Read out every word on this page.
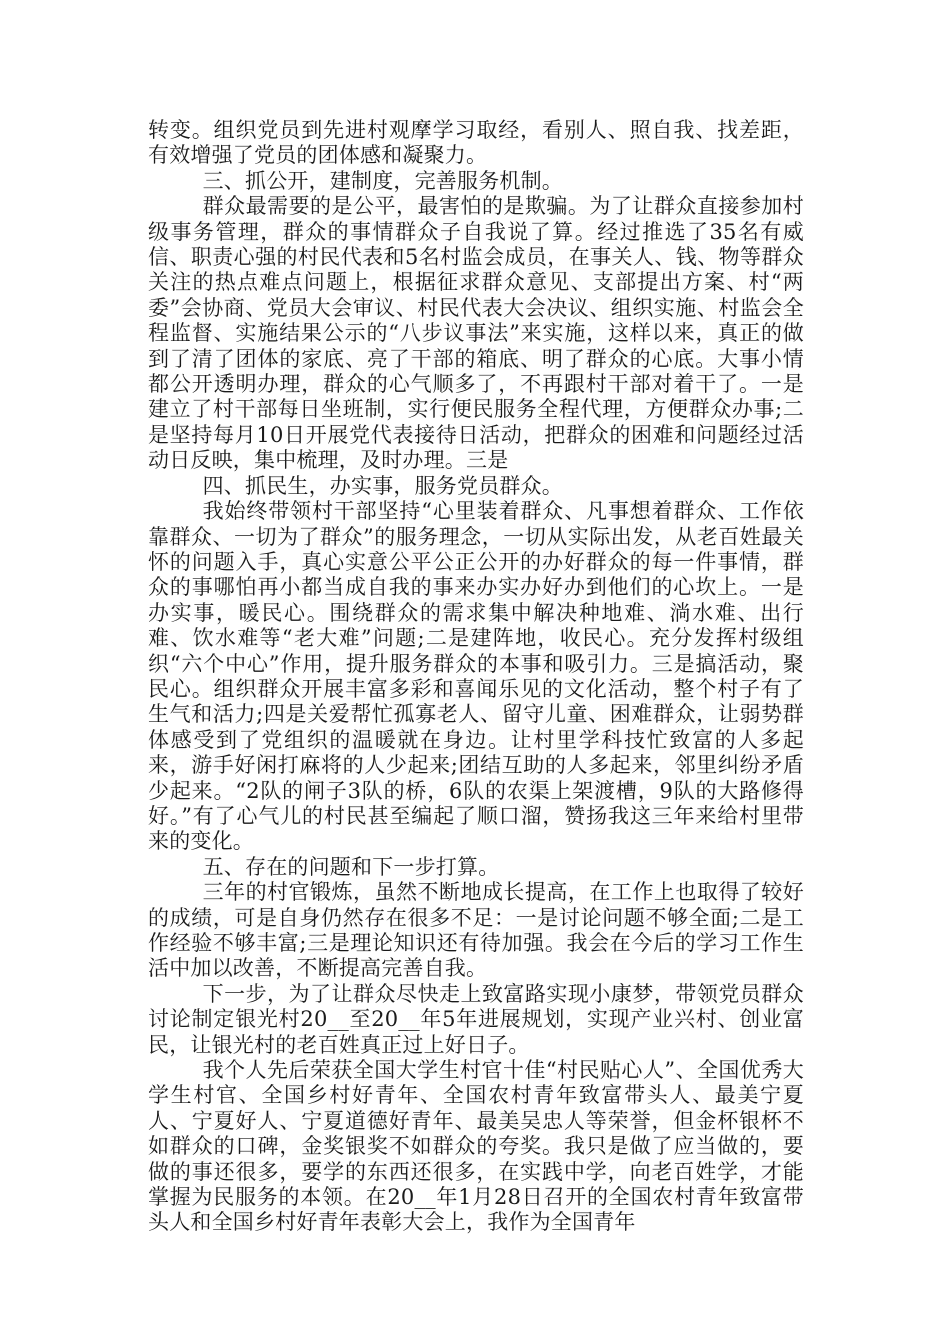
转变。组织党员到先进村观摩学习取经，看别人、照自我、找差距，有效增强了党员的团体感和凝聚力。

三、抓公开，建制度，完善服务机制。

群众最需要的是公平，最害怕的是欺骗。为了让群众直接参加村级事务管理，群众的事情群众子自我说了算。经过推选了35名有威信、职责心强的村民代表和5名村监会成员，在事关人、钱、物等群众关注的热点难点问题上，根据征求群众意见、支部提出方案、村“两委”会协商、党员大会审议、村民代表大会决议、组织实施、村监会全程监督、实施结果公示的“八步议事法”来实施，这样以来，真正的做到了清了团体的家底、亮了干部的箱底、明了群众的心底。大事小情都公开透明办理，群众的心气顺多了，不再跟村干部对着干了。一是建立了村干部每日坐班制，实行便民服务全程代理，方便群众办事;二是坚持每月10日开展党代表接待日活动，把群众的困难和问题经过活动日反映，集中梳理，及时办理。三是

四、抓民生，办实事，服务党员群众。

我始终带领村干部坚持“心里装着群众、凡事想着群众、工作依靠群众、一切为了群众”的服务理念，一切从实际出发，从老百姓最关怀的问题入手，真心实意公平公正公开的办好群众的每一件事情，群众的事哪怕再小都当成自我的事来办实办好办到他们的心坎上。一是办实事，暖民心。围绕群众的需求集中解决种地难、淌水难、出行难、饮水难等“老大难”问题;二是建阵地，收民心。充分发挥村级组织“六个中心”作用，提升服务群众的本事和吸引力。三是搞活动，聚民心。组织群众开展丰富多彩和喜闻乐见的文化活动，整个村子有了生气和活力;四是关爱帮忙孤寡老人、留守儿童、困难群众，让弱势群体感受到了党组织的温暖就在身边。让村里学科技忙致富的人多起来，游手好闲打麻将的人少起来;团结互助的人多起来，邻里纠纷矛盾少起来。“2队的闸子3队的桥，6队的农渠上架渡槽，9队的大路修得好。”有了心气儿的村民甚至编起了顺口溜，赞扬我这三年来给村里带来的变化。

五、存在的问题和下一步打算。

三年的村官锻炼，虽然不断地成长提高，在工作上也取得了较好的成绩，可是自身仍然存在很多不足：一是讨论问题不够全面;二是工作经验不够丰富;三是理论知识还有待加强。我会在今后的学习工作生活中加以改善，不断提高完善自我。

下一步，为了让群众尽快走上致富路实现小康梦，带领党员群众讨论制定银光村20__至20__年5年进展规划，实现产业兴村、创业富民，让银光村的老百姓真正过上好日子。

我个人先后荣获全国大学生村官十佳“村民贴心人”、全国优秀大学生村官、全国乡村好青年、全国农村青年致富带头人、最美宁夏人、宁夏好人、宁夏道德好青年、最美吴忠人等荣誉，但金杯银杯不如群众的口碑，金奖银奖不如群众的夸奖。我只是做了应当做的，要做的事还很多，要学的东西还很多，在实践中学，向老百姓学，才能掌握为民服务的本领。在20__年1月28日召开的全国农村青年致富带头人和全国乡村好青年表彰大会上，我作为全国青年
